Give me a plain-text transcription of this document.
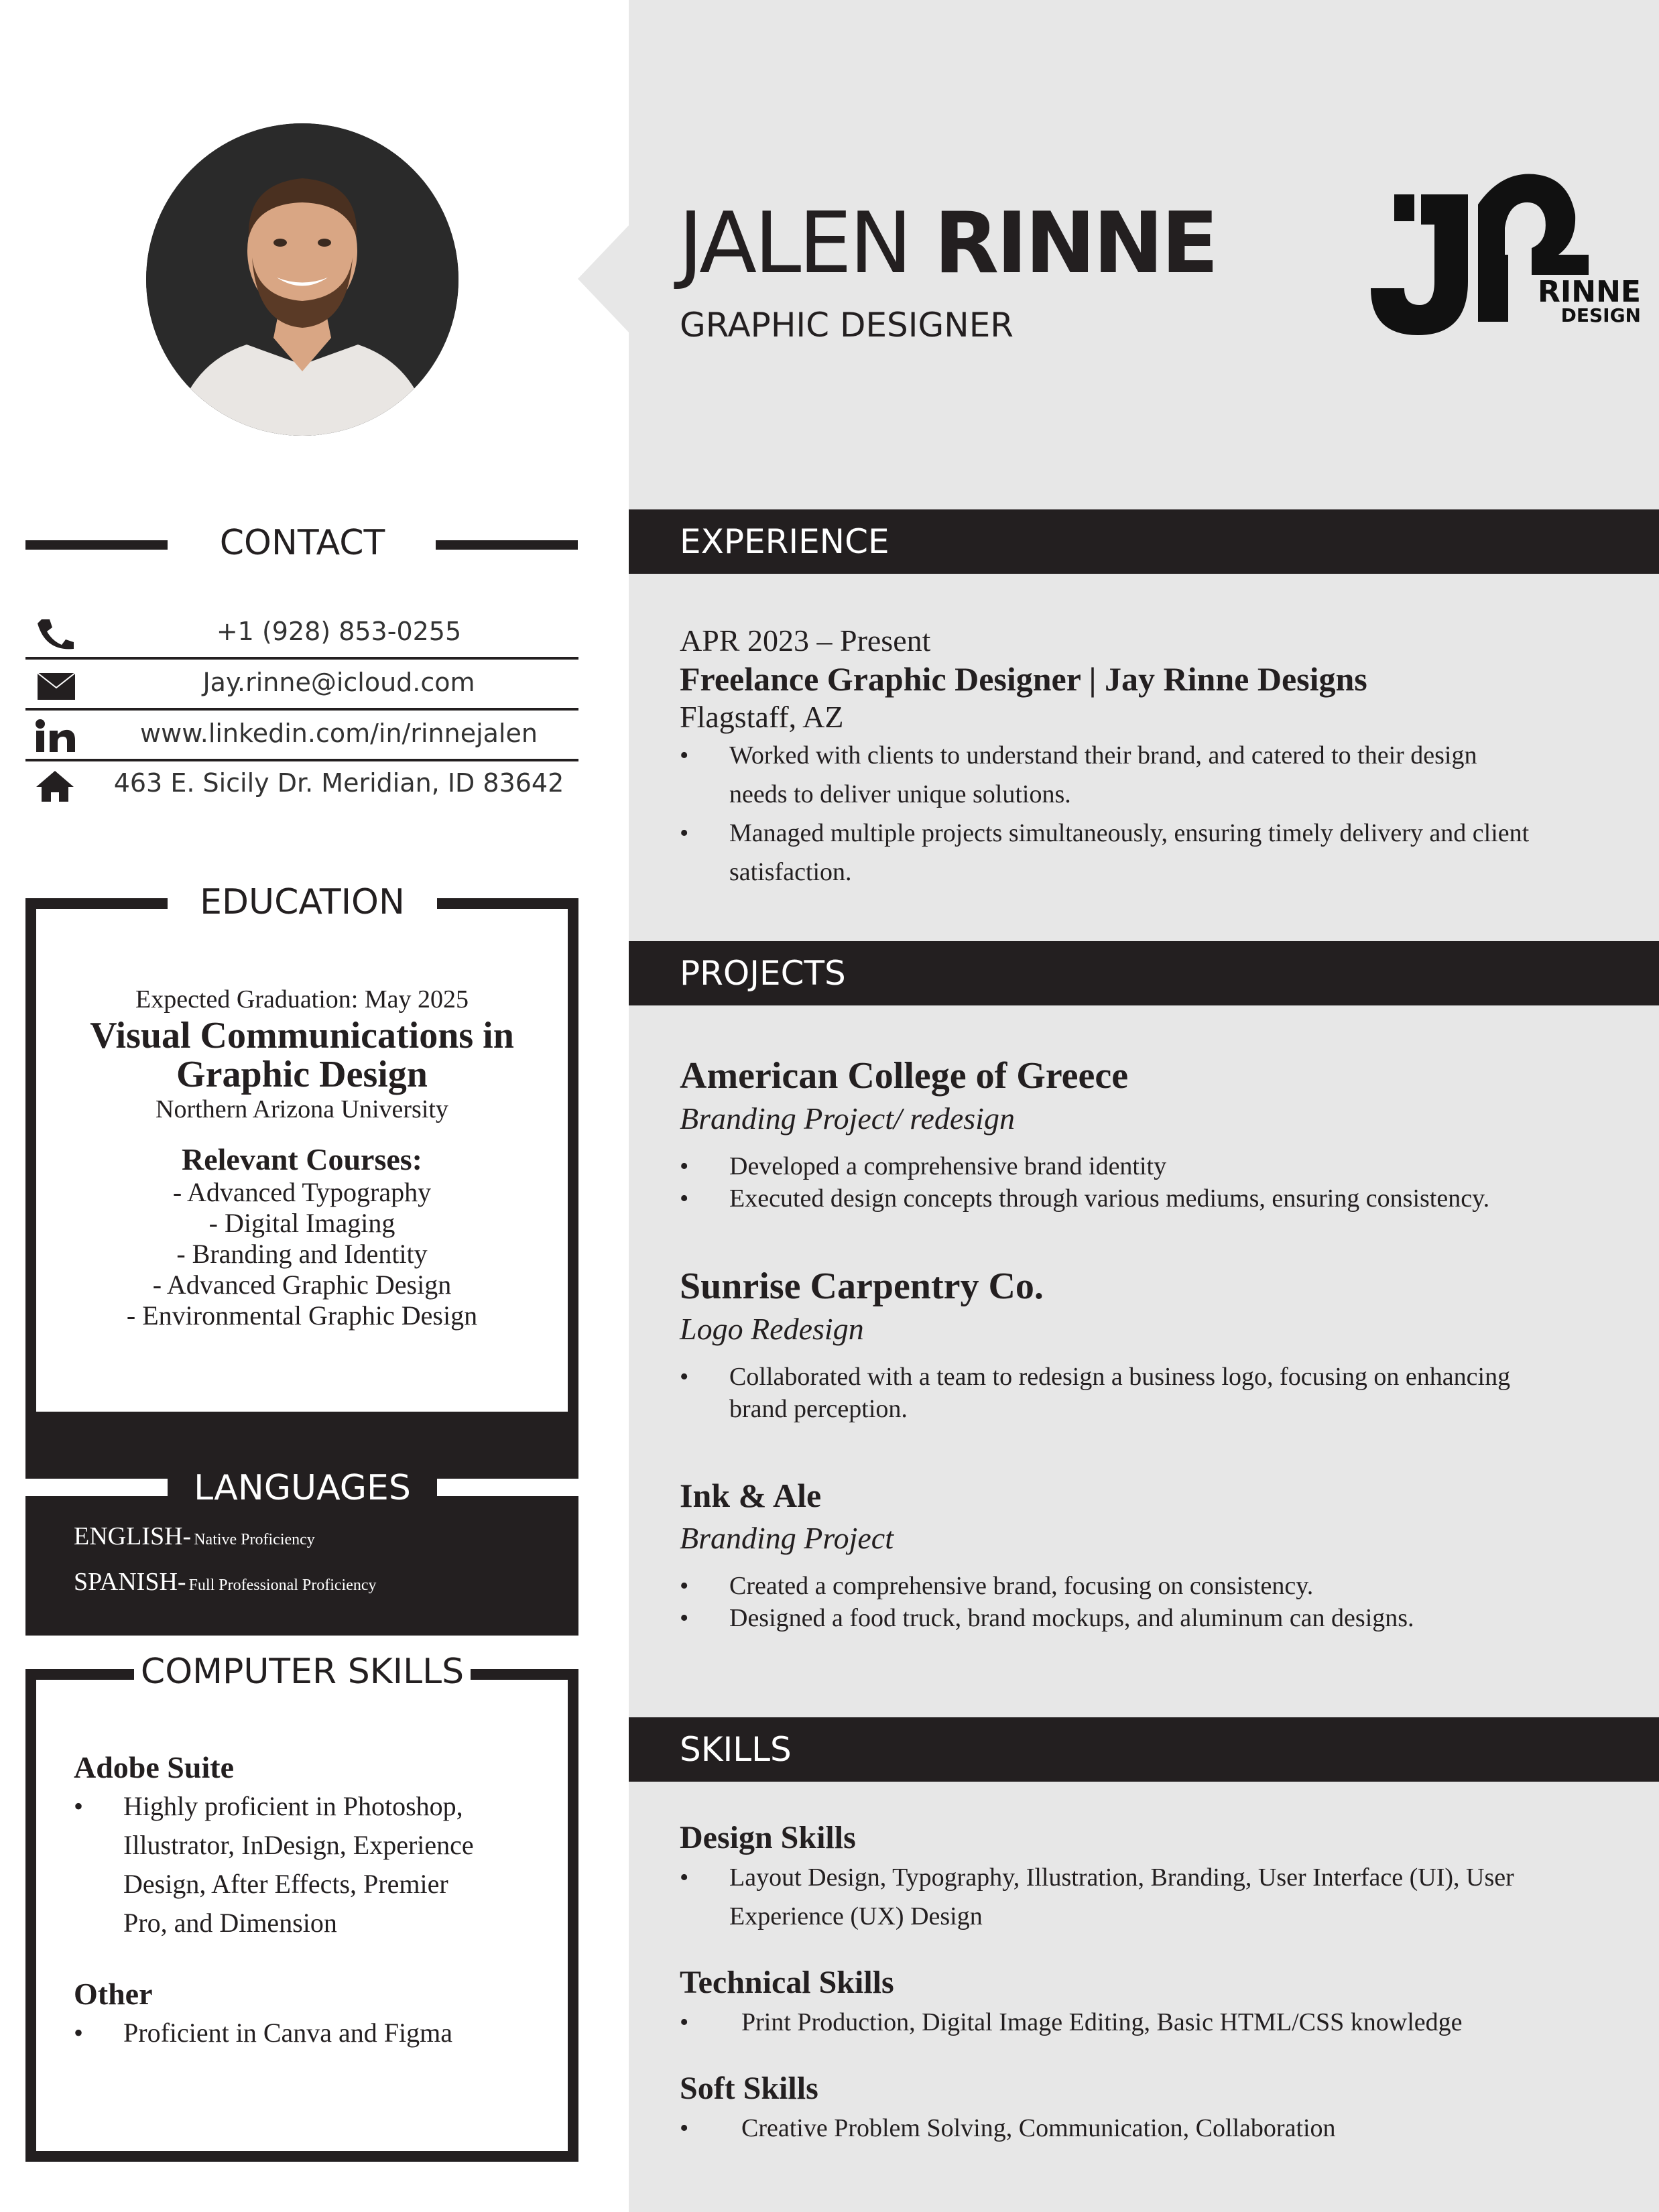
JALEN RINNE
GRAPHIC DESIGNER
RINNE
DESIGN
CONTACT
+1 (928) 853-0255
Jay.rinne@icloud.com
www.linkedin.com/in/rinnejalen
463 E. Sicily Dr. Meridian, ID 83642
EDUCATION
Expected Graduation: May 2025
Visual Communications in
Graphic Design
Northern Arizona University
Relevant Courses:
- Advanced Typography
- Digital Imaging
- Branding and Identity
- Advanced Graphic Design
- Environmental Graphic Design
LANGUAGES
ENGLISH- Native Proficiency
SPANISH- Full Professional Proficiency
COMPUTER SKILLS
Adobe Suite
• Highly proficient in Photoshop,
Illustrator, InDesign, Experience
Design, After Effects, Premier
Pro, and Dimension
Other
• Proficient in Canva and Figma
EXPERIENCE
APR 2023 – Present
Freelance Graphic Designer | Jay Rinne Designs
Flagstaff, AZ
• Worked with clients to understand their brand, and catered to their design
needs to deliver unique solutions.
• Managed multiple projects simultaneously, ensuring timely delivery and client
satisfaction.
PROJECTS
American College of Greece
Branding Project/ redesign
• Developed a comprehensive brand identity
• Executed design concepts through various mediums, ensuring consistency.
Sunrise Carpentry Co.
Logo Redesign
• Collaborated with a team to redesign a business logo, focusing on enhancing
brand perception.
Ink & Ale
Branding Project
• Created a comprehensive brand, focusing on consistency.
• Designed a food truck, brand mockups, and aluminum can designs.
SKILLS
Design Skills
• Layout Design, Typography, Illustration, Branding, User Interface (UI), User
Experience (UX) Design
Technical Skills
• Print Production, Digital Image Editing, Basic HTML/CSS knowledge
Soft Skills
• Creative Problem Solving, Communication, Collaboration
